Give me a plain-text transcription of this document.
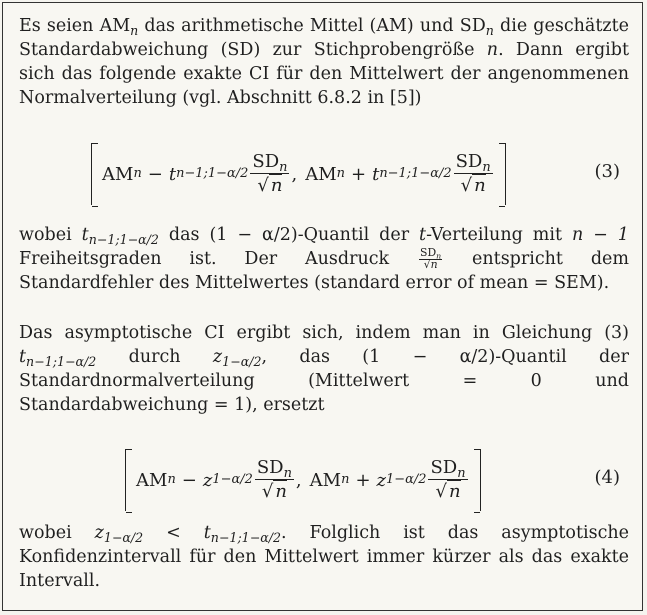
Es seien $AM_n$ das arithmetische Mittel (AM) und $SD_n$ die geschätzte Standardabweichung (SD) zur Stichprobengröße n. Dann ergibt sich das folgende exakte CI für den Mittelwert der angenommenen Normalverteilung (vgl. Abschnitt 6.8.2 in [5])
AM n − t n−1;1−α/2 $\frac{SD_n}{√ n}$ , AM n + t n−1;1−α/2 $\frac{SD_n}{√ n}$	(3)
wobei $t_{n-1;1-\alpha/2}$ das (1 − α/2)-Quantil der t-Verteilung mit n − 1 Freiheitsgraden ist. Der Ausdruck	$SD_n$
√n entspricht dem Standardfehler des Mittelwertes (standard error of mean = SEM).
Das asymptotische CI ergibt sich, indem man in Gleichung (3) $t_{n-1;1-\alpha/2}$ durch $z_{1-\alpha/2}$, das (1 − α/2)-Quantil der Standardnormalverteilung (Mittelwert = 0 und Standardabweichung = 1), ersetzt
AM n − z $1-\alpha/2 \frac{SD_n}{√ n}$ , AM n + z $1-\alpha/2 \frac{SD_n}{√ n}$	(4)
wobei $z_{1-\alpha/2} < t_{n-1;1-\alpha/2}$. Folglich ist das asymptotische Konfidenzintervall für den Mittelwert immer kürzer als das exakte Intervall.
